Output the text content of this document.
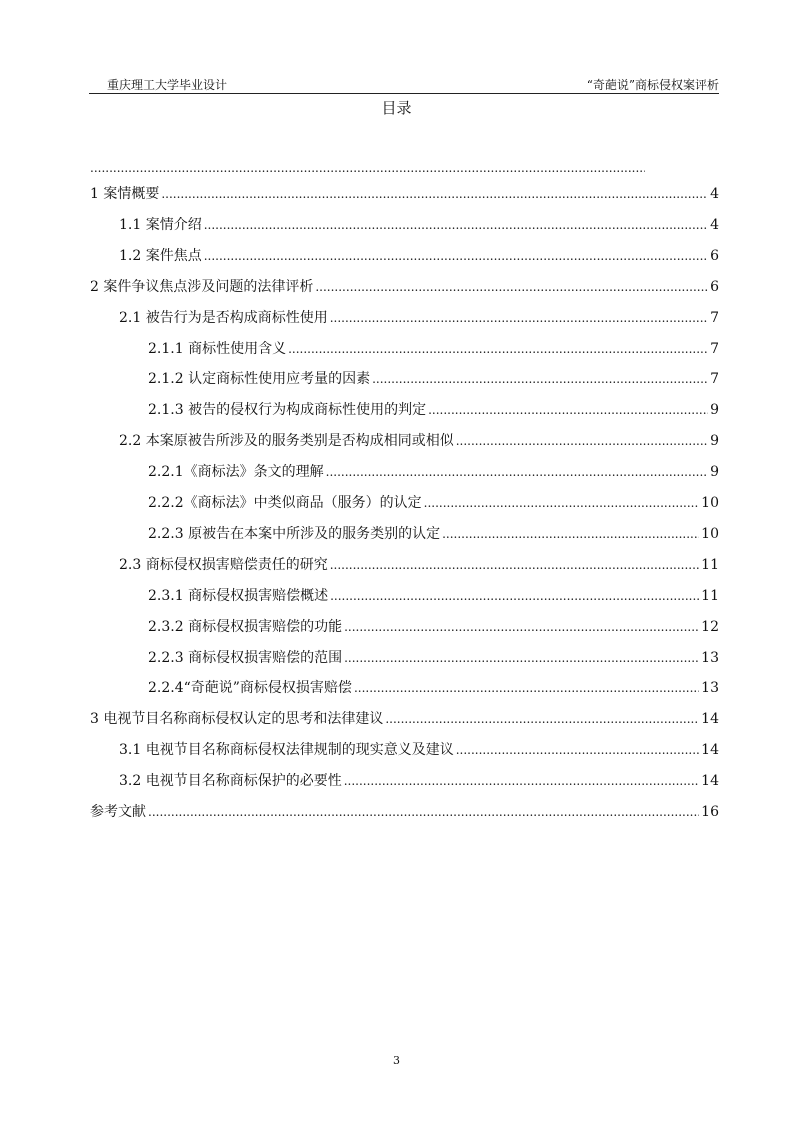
重庆理工大学毕业设计	“奇葩说”商标侵权案评析
目录
.....
1 案情概要 .....	4
1.1 案情介绍 .....	4
1.2 案件焦点 .....	6
2 案件争议焦点涉及问题的法律评析 .....	6
2.1 被告行为是否构成商标性使用 .....	7
2.1.1 商标性使用含义 .....	7
2.1.2 认定商标性使用应考量的因素 .....	7
2.1.3 被告的侵权行为构成商标性使用的判定 .....	9
2.2 本案原被告所涉及的服务类别是否构成相同或相似 .....	9
2.2.1《商标法》条文的理解 .....	9
2.2.2《商标法》中类似商品（服务）的认定 .....	10
2.2.3 原被告在本案中所涉及的服务类别的认定 .....	10
2.3 商标侵权损害赔偿责任的研究 .....	11
2.3.1 商标侵权损害赔偿概述 .....	11
2.3.2 商标侵权损害赔偿的功能 .....	12
2.2.3 商标侵权损害赔偿的范围 .....	13
2.2.4“奇葩说”商标侵权损害赔偿 .....	13
3 电视节目名称商标侵权认定的思考和法律建议 .....	14
3.1 电视节目名称商标侵权法律规制的现实意义及建议 .....	14
3.2 电视节目名称商标保护的必要性 .....	14
参考文献 .....	16
3
